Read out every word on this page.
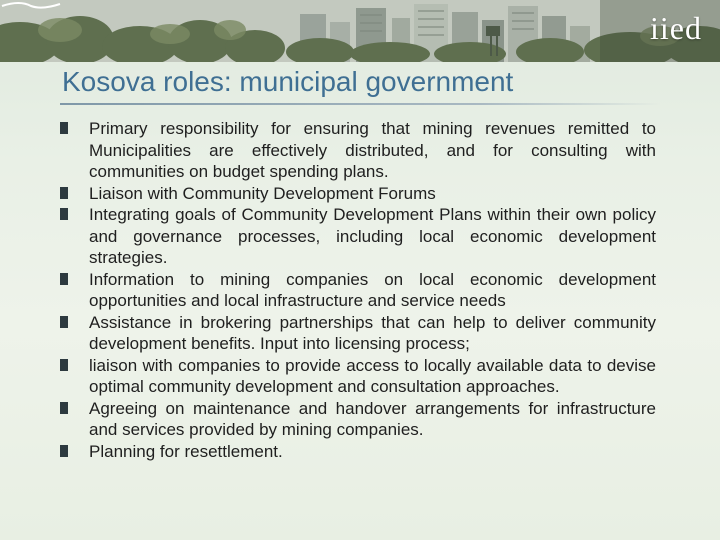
iied
Kosova roles: municipal government
Primary responsibility for ensuring that mining revenues remitted to Municipalities are effectively distributed, and for consulting with communities on budget spending plans.
Liaison with Community Development Forums
Integrating goals of Community Development Plans within their own policy and governance processes, including local economic development strategies.
Information to mining companies on local economic development opportunities and local infrastructure and service needs
Assistance in brokering partnerships that can help to deliver community development benefits. Input into licensing process;
liaison with companies to provide access to locally available data to devise optimal community development and consultation approaches.
Agreeing on maintenance and handover arrangements for infrastructure and services provided by mining companies.
Planning for resettlement.
